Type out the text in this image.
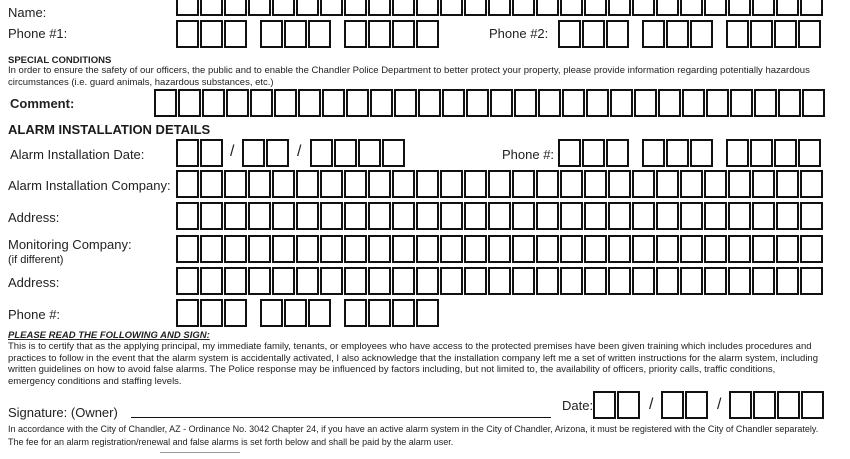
Name:
Phone #1:	Phone #2:
SPECIAL CONDITIONS
In order to ensure the safety of our officers, the public and to enable the Chandler Police Department to better protect your property, please provide information regarding potentially hazardous circumstances (i.e. guard animals, hazardous substances, etc.)
Comment:
ALARM INSTALLATION DETAILS
Alarm Installation Date:	/	/	Phone #:
Alarm Installation Company:
Address:
Monitoring Company:
(if different)
Address:
Phone #:
PLEASE READ THE FOLLOWING AND SIGN:
This is to certify that as the applying principal, my immediate family, tenants, or employees who have access to the protected premises have been given training which includes procedures and practices to follow in the event that the alarm system is accidentally activated, I also acknowledge that the installation company left me a set of written instructions for the alarm system, including written guidelines on how to avoid false alarms. The Police response may be influenced by factors including, but not limited to, the availability of officers, priority calls, traffic conditions, emergency conditions and staffing levels.
Signature: (Owner)	Date:	/	/
In accordance with the City of Chandler, AZ - Ordinance No. 3042 Chapter 24, if you have an active alarm system in the City of Chandler, Arizona, it must be registered with the City of Chandler separately.
The fee for an alarm registration/renewal and false alarms is set forth below and shall be paid by the alarm user.
